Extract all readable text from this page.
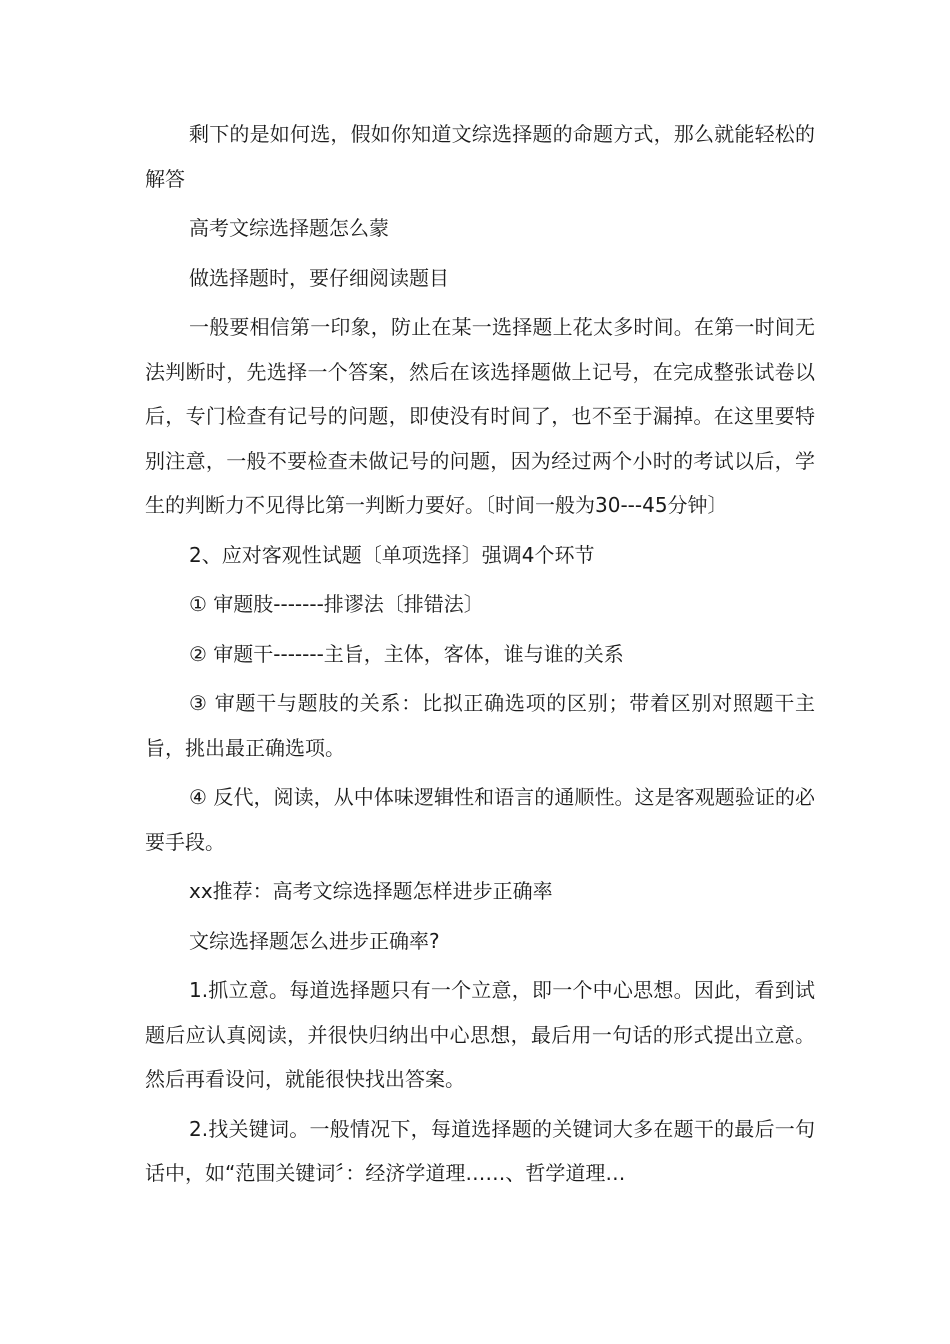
剩下的是如何选，假如你知道文综选择题的命题方式，那么就能轻松的解答

高考文综选择题怎么蒙

做选择题时，要仔细阅读题目

一般要相信第一印象，防止在某一选择题上花太多时间。在第一时间无法判断时，先选择一个答案，然后在该选择题做上记号，在完成整张试卷以后，专门检查有记号的问题，即使没有时间了，也不至于漏掉。在这里要特别注意，一般不要检查未做记号的问题，因为经过两个小时的考试以后，学生的判断力不见得比第一判断力要好。〔时间一般为30---45分钟〕

2、应对客观性试题〔单项选择〕强调4个环节

① 审题肢-------排谬法〔排错法〕

② 审题干-------主旨，主体，客体，谁与谁的关系

③ 审题干与题肢的关系：比拟正确选项的区别；带着区别对照题干主旨，挑出最正确选项。

④ 反代，阅读，从中体味逻辑性和语言的通顺性。这是客观题验证的必要手段。

xx推荐：高考文综选择题怎样进步正确率

文综选择题怎么进步正确率?

1.抓立意。每道选择题只有一个立意，即一个中心思想。因此，看到试题后应认真阅读，并很快归纳出中心思想，最后用一句话的形式提出立意。然后再看设问，就能很快找出答案。

2.找关键词。一般情况下，每道选择题的关键词大多在题干的最后一句话中，如“范围关键词〞：经济学道理……、哲学道理…
